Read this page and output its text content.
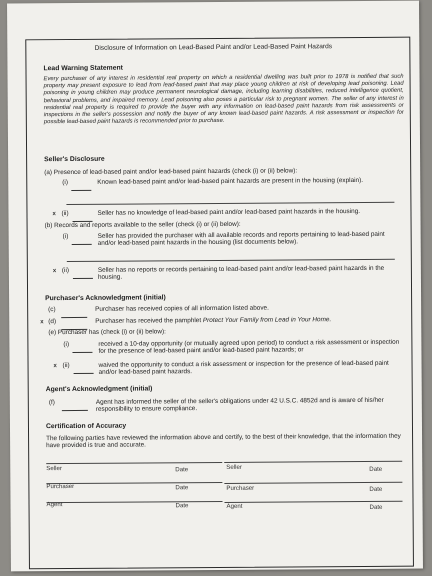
Disclosure of Information on Lead-Based Paint and/or Lead-Based Paint Hazards
Lead Warning Statement
Every purchaser of any interest in residential real property on which a residential dwelling was built prior to 1978 is notified that such property may present exposure to lead from lead-based paint that may place young children at risk of developing lead poisoning. Lead poisoning in young children may produce permanent neurological damage, including learning disabilities, reduced intelligence quotient, behavioral problems, and impaired memory. Lead poisoning also poses a particular risk to pregnant women. The seller of any interest in residential real property is required to provide the buyer with any information on lead-based paint hazards from risk assessments or inspections in the seller's possession and notify the buyer of any known lead-based paint hazards. A risk assessment or inspection for possible lead-based paint hazards is recommended prior to purchase.
Seller's Disclosure
(a) Presence of lead-based paint and/or lead-based paint hazards (check (i) or (ii) below):
(i)	Known lead-based paint and/or lead-based paint hazards are present in the housing (explain).
x (ii)	Seller has no knowledge of lead-based paint and/or lead-based paint hazards in the housing.
(b) Records and reports available to the seller (check (i) or (ii) below):
(i)	Seller has provided the purchaser with all available records and reports pertaining to lead-based paint and/or lead-based paint hazards in the housing (list documents below).
x (ii)	Seller has no reports or records pertaining to lead-based paint and/or lead-based paint hazards in the housing.
Purchaser's Acknowledgment (initial)
(c)	Purchaser has received copies of all information listed above.
x (d)	Purchaser has received the pamphlet Protect Your Family from Lead in Your Home.
(e) Purchaser has (check (i) or (ii) below):
(i)	received a 10-day opportunity (or mutually agreed upon period) to conduct a risk assessment or inspection for the presence of lead-based paint and/or lead-based paint hazards; or
x (ii)	waived the opportunity to conduct a risk assessment or inspection for the presence of lead-based paint and/or lead-based paint hazards.
Agent's Acknowledgment (initial)
(f)	Agent has informed the seller of the seller's obligations under 42 U.S.C. 4852d and is aware of his/her responsibility to ensure compliance.
Certification of Accuracy
The following parties have reviewed the information above and certify, to the best of their knowledge, that the information they have provided is true and accurate.
Seller	Date	Seller	Date
Purchaser	Date	Purchaser	Date
Agent	Date	Agent	Date
